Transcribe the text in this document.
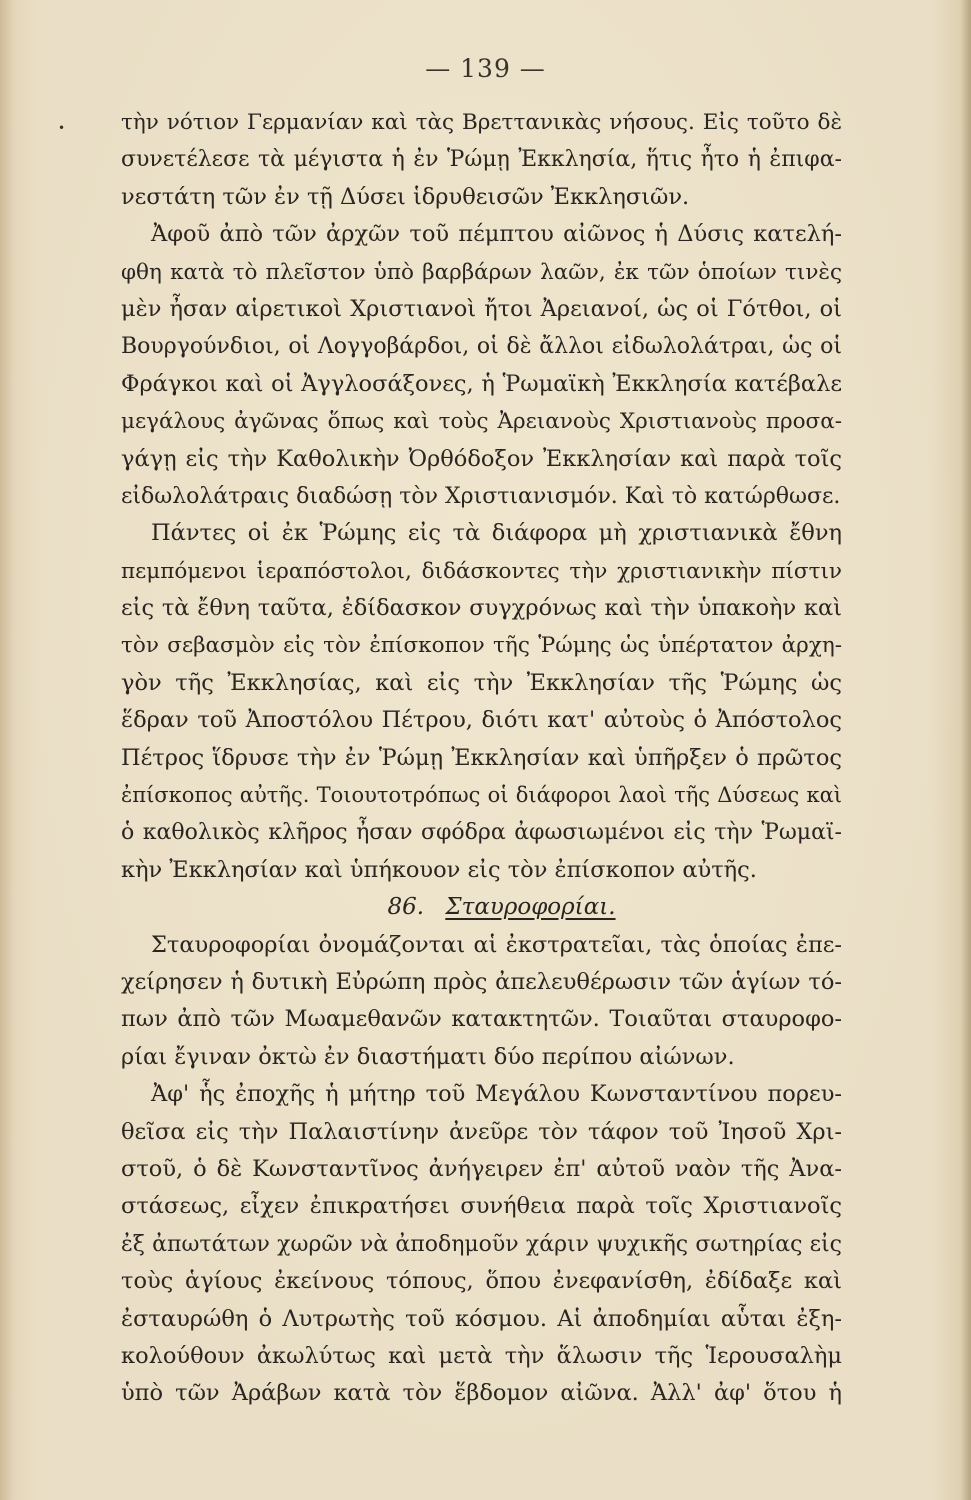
— 139 —
•	τὴν νότιον Γερμανίαν καὶ τὰς Βρεττανικὰς νήσους. Εἰς τοῦτο δὲ
συνετέλεσε τὰ μέγιστα ἡ ἐν Ῥώμῃ Ἐκκλησία, ἥτις ἦτο ἡ ἐπιφα-
νεστάτη τῶν ἐν τῇ Δύσει ἱδρυθεισῶν Ἐκκλησιῶν.
Ἀφοῦ ἀπὸ τῶν ἀρχῶν τοῦ πέμπτου αἰῶνος ἡ Δύσις κατελή-
φθη κατὰ τὸ πλεῖστον ὑπὸ βαρβάρων λαῶν, ἐκ τῶν ὁποίων τινὲς
μὲν ἦσαν αἱρετικοὶ Χριστιανοὶ ἤτοι Ἀρειανοί, ὡς οἱ Γότθοι, οἱ
Βουργούνδιοι, οἱ Λογγοβάρδοι, οἱ δὲ ἄλλοι εἰδωλολάτραι, ὡς οἱ
Φράγκοι καὶ οἱ Ἀγγλοσάξονες, ἡ Ῥωμαϊκὴ Ἐκκλησία κατέβαλε
μεγάλους ἀγῶνας ὅπως καὶ τοὺς Ἀρειανοὺς Χριστιανοὺς προσα-
γάγῃ εἰς τὴν Καθολικὴν Ὀρθόδοξον Ἐκκλησίαν καὶ παρὰ τοῖς
εἰδωλολάτραις διαδώσῃ τὸν Χριστιανισμόν. Καὶ τὸ κατώρθωσε.
Πάντες οἱ ἐκ Ῥώμης εἰς τὰ διάφορα μὴ χριστιανικὰ ἔθνη
πεμπόμενοι ἱεραπόστολοι, διδάσκοντες τὴν χριστιανικὴν πίστιν
εἰς τὰ ἔθνη ταῦτα, ἐδίδασκον συγχρόνως καὶ τὴν ὑπακοὴν καὶ
τὸν σεβασμὸν εἰς τὸν ἐπίσκοπον τῆς Ῥώμης ὡς ὑπέρτατον ἀρχη-
γὸν τῆς Ἐκκλησίας, καὶ εἰς τὴν Ἐκκλησίαν τῆς Ῥώμης ὡς
ἕδραν τοῦ Ἀποστόλου Πέτρου, διότι κατ' αὐτοὺς ὁ Ἀπόστολος
Πέτρος ἵδρυσε τὴν ἐν Ῥώμῃ Ἐκκλησίαν καὶ ὑπῆρξεν ὁ πρῶτος
ἐπίσκοπος αὐτῆς. Τοιουτοτρόπως οἱ διάφοροι λαοὶ τῆς Δύσεως καὶ
ὁ καθολικὸς κλῆρος ἦσαν σφόδρα ἀφωσιωμένοι εἰς τὴν Ῥωμαϊ-
κὴν Ἐκκλησίαν καὶ ὑπήκουον εἰς τὸν ἐπίσκοπον αὐτῆς.
86. Σταυροφορίαι.
Σταυροφορίαι ὀνομάζονται αἱ ἐκστρατεῖαι, τὰς ὁποίας ἐπε-
χείρησεν ἡ δυτικὴ Εὐρώπη πρὸς ἀπελευθέρωσιν τῶν ἁγίων τό-
πων ἀπὸ τῶν Μωαμεθανῶν κατακτητῶν. Τοιαῦται σταυροφο-
ρίαι ἔγιναν ὀκτὼ ἐν διαστήματι δύο περίπου αἰώνων.
Ἀφ' ἧς ἐποχῆς ἡ μήτηρ τοῦ Μεγάλου Κωνσταντίνου πορευ-
θεῖσα εἰς τὴν Παλαιστίνην ἀνεῦρε τὸν τάφον τοῦ Ἰησοῦ Χρι-
στοῦ, ὁ δὲ Κωνσταντῖνος ἀνήγειρεν ἐπ' αὐτοῦ ναὸν τῆς Ἀνα-
στάσεως, εἶχεν ἐπικρατήσει συνήθεια παρὰ τοῖς Χριστιανοῖς
ἐξ ἀπωτάτων χωρῶν νὰ ἀποδημοῦν χάριν ψυχικῆς σωτηρίας εἰς
τοὺς ἁγίους ἐκείνους τόπους, ὅπου ἐνεφανίσθη, ἐδίδαξε καὶ
ἐσταυρώθη ὁ Λυτρωτὴς τοῦ κόσμου. Αἱ ἀποδημίαι αὗται ἐξη-
κολούθουν ἀκωλύτως καὶ μετὰ τὴν ἅλωσιν τῆς Ἱερουσαλὴμ
ὑπὸ τῶν Ἀράβων κατὰ τὸν ἕβδομον αἰῶνα. Ἀλλ' ἀφ' ὅτου ἡ
